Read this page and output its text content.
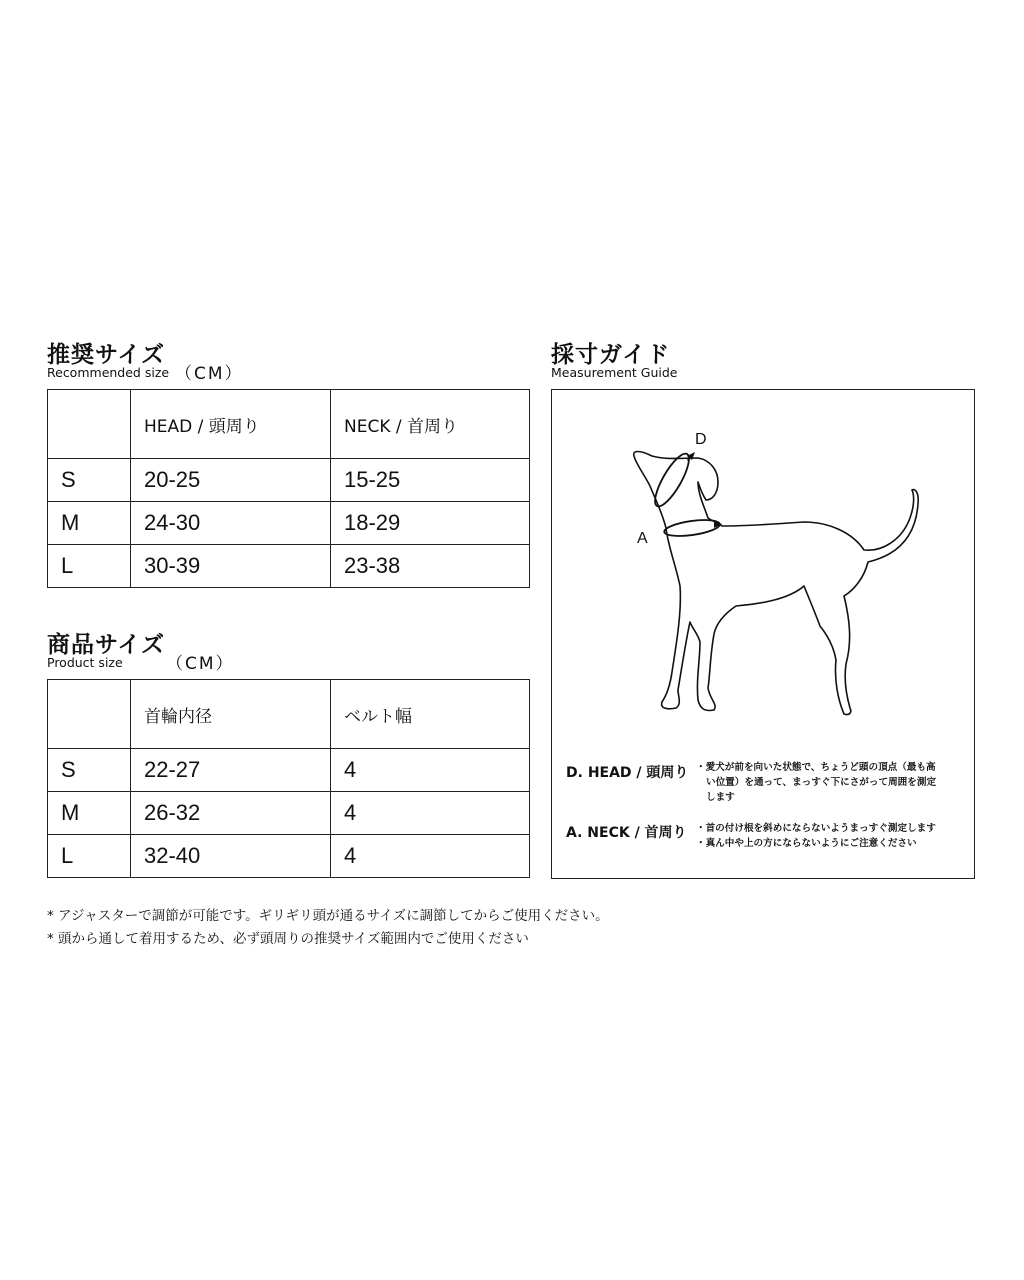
推奨サイズ
Recommended size （CM）
	HEAD / 頭周り	NECK / 首周り
S	20-25	15-25
M	24-30	18-29
L	30-39	23-38
商品サイズ
Product size	（CM）
	首輪内径	ベルト幅
S	22-27	4
M	26-32	4
L	32-40	4
採寸ガイド
Measurement Guide
D
A
D. HEAD / 頭周り ・愛犬が前を向いた状態で、ちょうど頭の頂点（最も高
い位置）を通って、まっすぐ下にさがって周囲を測定
します
A. NECK / 首周り ・首の付け根を斜めにならないようまっすぐ測定します
・真ん中や上の方にならないようにご注意ください
* アジャスターで調節が可能です。ギリギリ頭が通るサイズに調節してからご使用ください。
* 頭から通して着用するため、必ず頭周りの推奨サイズ範囲内でご使用ください
